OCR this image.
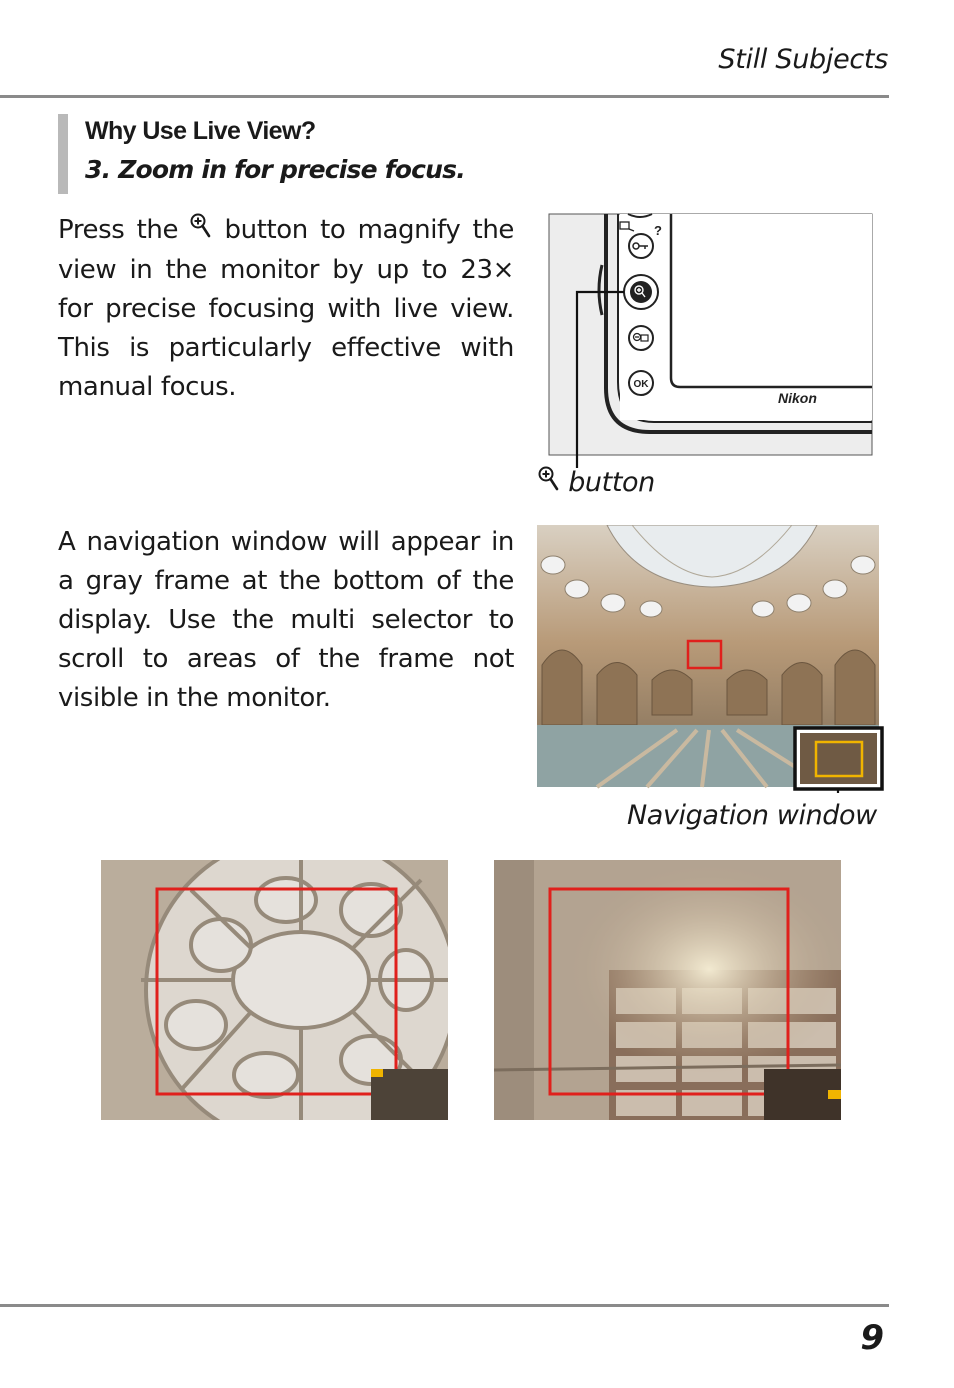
Still Subjects
Why Use Live View?
3. Zoom in for precise focus.

Press the  button to magnify the view in the monitor by up to 23× for precise focusing with live view. This is particularly effective with manual focus.

?
OK
Nikon
button

A navigation window will appear in a gray frame at the bottom of the display. Use the multi selector to scroll to areas of the frame not visible in the monitor.

Navigation window
9
